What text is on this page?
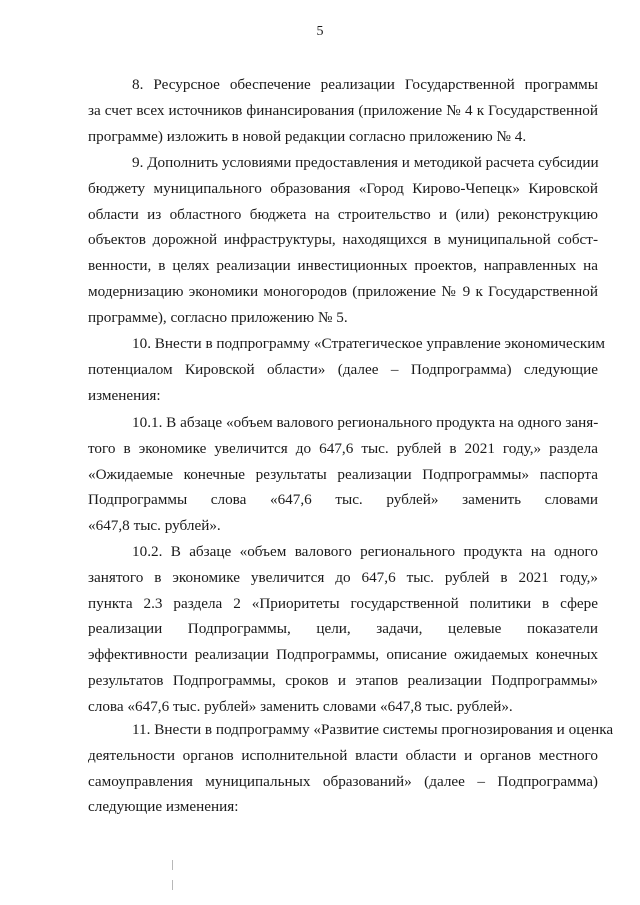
5
8. Ресурсное обеспечение реализации Государственной программы
за счет всех источников финансирования (приложение № 4 к Государственной
программе) изложить в новой редакции согласно приложению № 4.
9. Дополнить условиями предоставления и методикой расчета субсидии
бюджету муниципального образования «Город Кирово-Чепецк» Кировской
области из областного бюджета на строительство и (или) реконструкцию
объектов дорожной инфраструктуры, находящихся в муниципальной собст-
венности, в целях реализации инвестиционных проектов, направленных на
модернизацию экономики моногородов (приложение № 9 к Государственной
программе), согласно приложению № 5.
10. Внести в подпрограмму «Стратегическое управление экономическим
потенциалом Кировской области» (далее – Подпрограмма) следующие
изменения:
10.1. В абзаце «объем валового регионального продукта на одного заня-
того в экономике увеличится до 647,6 тыс. рублей в 2021 году,» раздела
«Ожидаемые конечные результаты реализации Подпрограммы» паспорта
Подпрограммы слова «647,6 тыс. рублей» заменить словами
«647,8 тыс. рублей».
10.2. В абзаце «объем валового регионального продукта на одного
занятого в экономике увеличится до 647,6 тыс. рублей в 2021 году,»
пункта 2.3 раздела 2 «Приоритеты государственной политики в сфере
реализации Подпрограммы, цели, задачи, целевые показатели
эффективности реализации Подпрограммы, описание ожидаемых конечных
результатов Подпрограммы, сроков и этапов реализации Подпрограммы»
слова «647,6 тыс. рублей» заменить словами «647,8 тыс. рублей».
11. Внести в подпрограмму «Развитие системы прогнозирования и оценка
деятельности органов исполнительной власти области и органов местного
самоуправления муниципальных образований» (далее – Подпрограмма)
следующие изменения:
